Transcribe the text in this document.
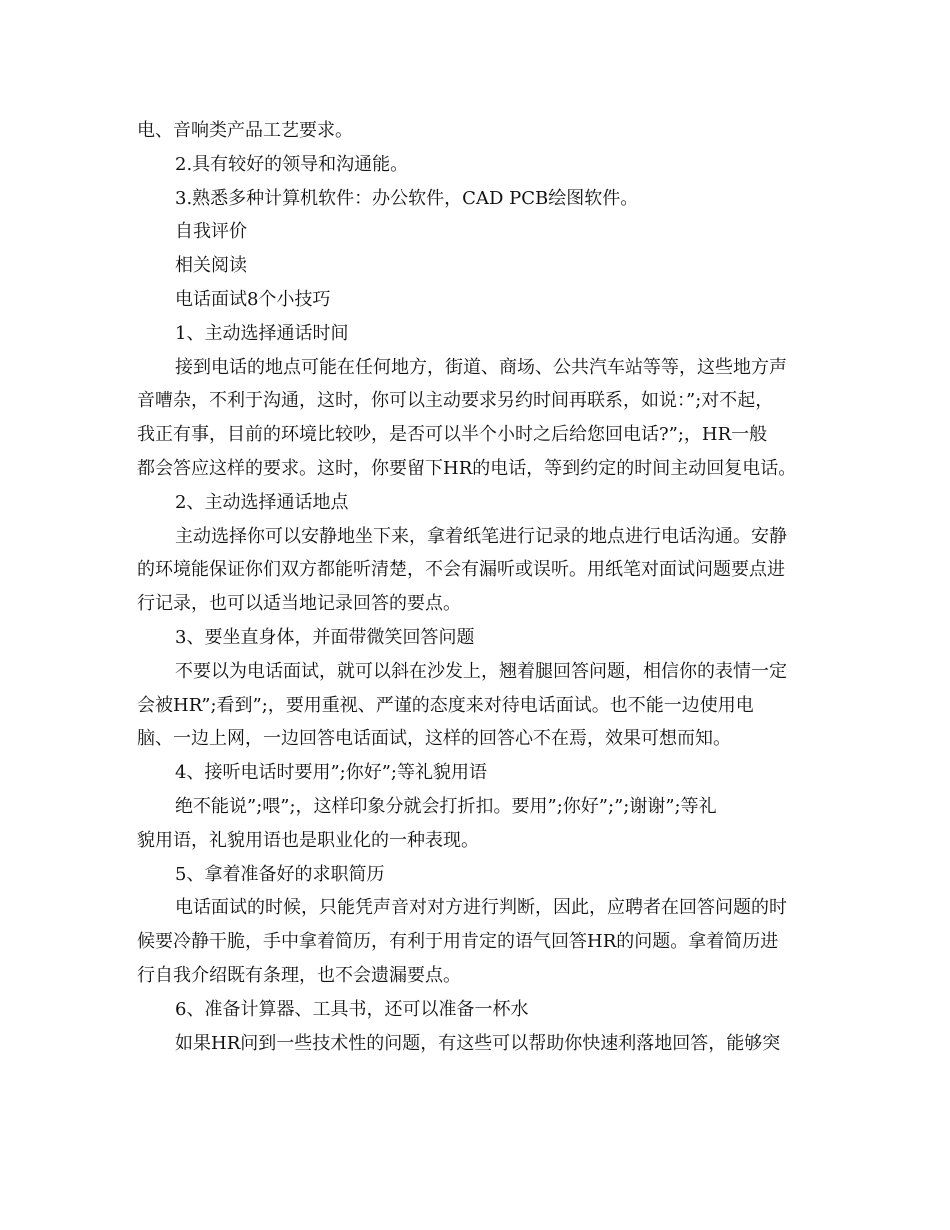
电、音响类产品工艺要求。

2.具有较好的领导和沟通能。

3.熟悉多种计算机软件：办公软件，CAD PCB绘图软件。

自我评价

相关阅读

电话面试8个小技巧

1、主动选择通话时间

接到电话的地点可能在任何地方，街道、商场、公共汽车站等等，这些地方声

音嘈杂，不利于沟通，这时，你可以主动要求另约时间再联系，如说：”;对不起，

我正有事，目前的环境比较吵，是否可以半个小时之后给您回电话?”;，HR一般

都会答应这样的要求。这时，你要留下HR的电话，等到约定的时间主动回复电话。

2、主动选择通话地点

主动选择你可以安静地坐下来，拿着纸笔进行记录的地点进行电话沟通。安静

的环境能保证你们双方都能听清楚，不会有漏听或误听。用纸笔对面试问题要点进

行记录，也可以适当地记录回答的要点。

3、要坐直身体，并面带微笑回答问题

不要以为电话面试，就可以斜在沙发上，翘着腿回答问题，相信你的表情一定

会被HR”;看到”;，要用重视、严谨的态度来对待电话面试。也不能一边使用电

脑、一边上网，一边回答电话面试，这样的回答心不在焉，效果可想而知。

4、接听电话时要用”;你好”;等礼貌用语

绝不能说”;喂”;，这样印象分就会打折扣。要用”;你好”;”;谢谢”;等礼

貌用语，礼貌用语也是职业化的一种表现。

5、拿着准备好的求职简历

电话面试的时候，只能凭声音对对方进行判断，因此，应聘者在回答问题的时

候要冷静干脆，手中拿着简历，有利于用肯定的语气回答HR的问题。拿着简历进

行自我介绍既有条理，也不会遗漏要点。

6、准备计算器、工具书，还可以准备一杯水

如果HR问到一些技术性的问题，有这些可以帮助你快速利落地回答，能够突
